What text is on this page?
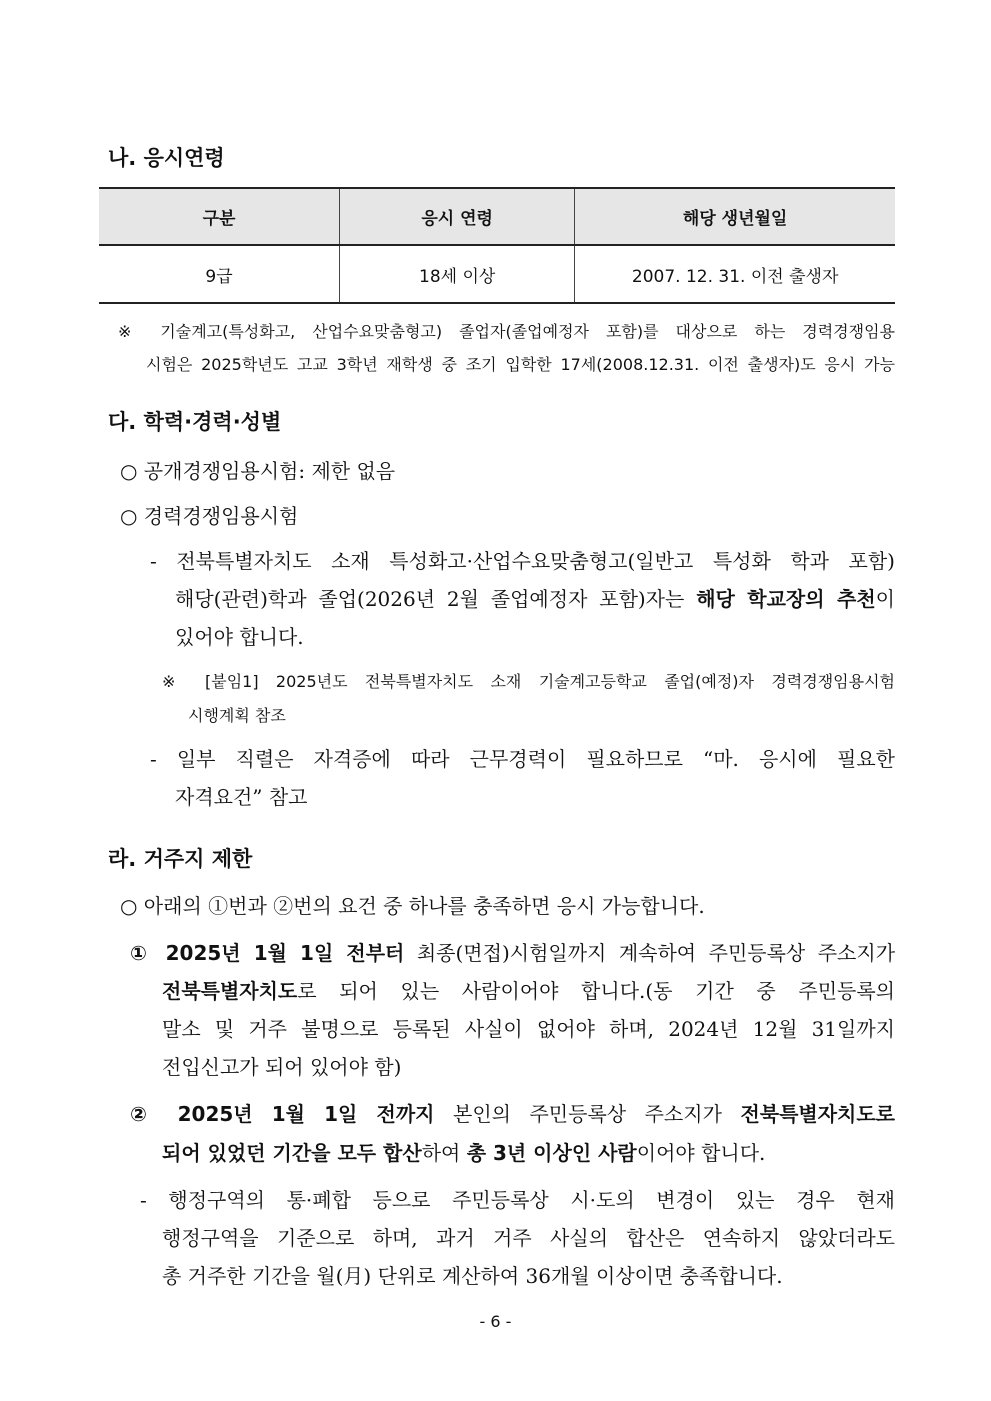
나. 응시연령
구분	응시 연령	해당 생년월일
9급	18세 이상	2007. 12. 31. 이전 출생자
※ 기술계고(특성화고, 산업수요맞춤형고) 졸업자(졸업예정자 포함)를 대상으로 하는 경력경쟁임용
시험은 2025학년도 고교 3학년 재학생 중 조기 입학한 17세(2008.12.31. 이전 출생자)도 응시 가능
다. 학력·경력·성별
○ 공개경쟁임용시험: 제한 없음
○ 경력경쟁임용시험
- 전북특별자치도 소재 특성화고·산업수요맞춤형고(일반고 특성화 학과 포함)
해당(관련)학과 졸업(2026년 2월 졸업예정자 포함)자는 해당 학교장의 추천이
있어야 합니다.
※ [붙임1] 2025년도 전북특별자치도 소재 기술계고등학교 졸업(예정)자 경력경쟁임용시험
시행계획 참조
- 일부 직렬은 자격증에 따라 근무경력이 필요하므로 “마. 응시에 필요한
자격요건” 참고
라. 거주지 제한
○ 아래의 ①번과 ②번의 요건 중 하나를 충족하면 응시 가능합니다.
① 2025년 1월 1일 전부터 최종(면접)시험일까지 계속하여 주민등록상 주소지가
전북특별자치도로 되어 있는 사람이어야 합니다.(동 기간 중 주민등록의
말소 및 거주 불명으로 등록된 사실이 없어야 하며, 2024년 12월 31일까지
전입신고가 되어 있어야 함)
② 2025년 1월 1일 전까지 본인의 주민등록상 주소지가 전북특별자치도로
되어 있었던 기간을 모두 합산하여 총 3년 이상인 사람이어야 합니다.
- 행정구역의 통·폐합 등으로 주민등록상 시·도의 변경이 있는 경우 현재
행정구역을 기준으로 하며, 과거 거주 사실의 합산은 연속하지 않았더라도
총 거주한 기간을 월(月) 단위로 계산하여 36개월 이상이면 충족합니다.
- 6 -
